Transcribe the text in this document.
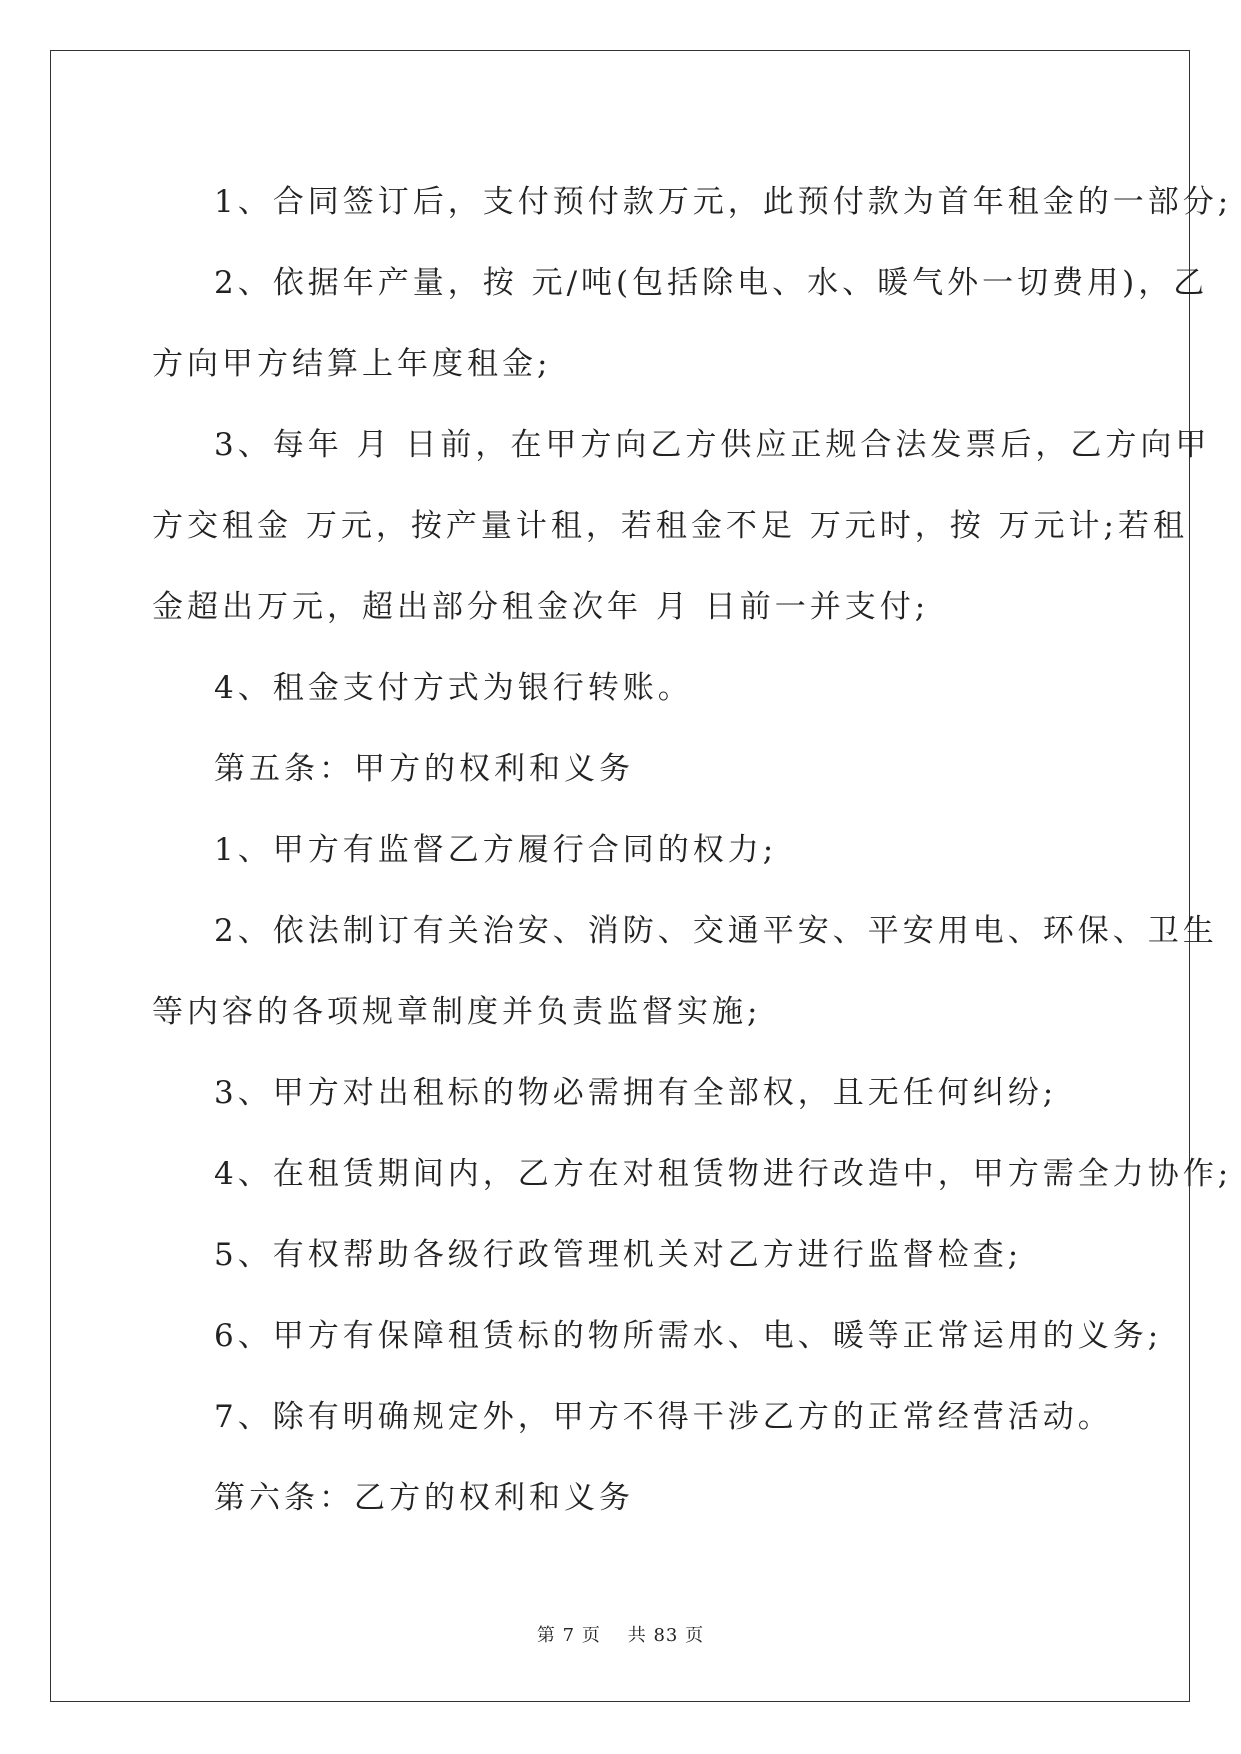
1、合同签订后，支付预付款万元，此预付款为首年租金的一部分;

2、依据年产量，按 元/吨(包括除电、水、暖气外一切费用)，乙

方向甲方结算上年度租金;

3、每年 月 日前，在甲方向乙方供应正规合法发票后，乙方向甲

方交租金 万元，按产量计租，若租金不足 万元时，按 万元计;若租

金超出万元，超出部分租金次年 月 日前一并支付;

4、租金支付方式为银行转账。

第五条：甲方的权利和义务

1、甲方有监督乙方履行合同的权力;

2、依法制订有关治安、消防、交通平安、平安用电、环保、卫生

等内容的各项规章制度并负责监督实施;

3、甲方对出租标的物必需拥有全部权，且无任何纠纷;

4、在租赁期间内，乙方在对租赁物进行改造中，甲方需全力协作;

5、有权帮助各级行政管理机关对乙方进行监督检查;

6、甲方有保障租赁标的物所需水、电、暖等正常运用的义务;

7、除有明确规定外，甲方不得干涉乙方的正常经营活动。

第六条：乙方的权利和义务

第 7 页 共 83 页
